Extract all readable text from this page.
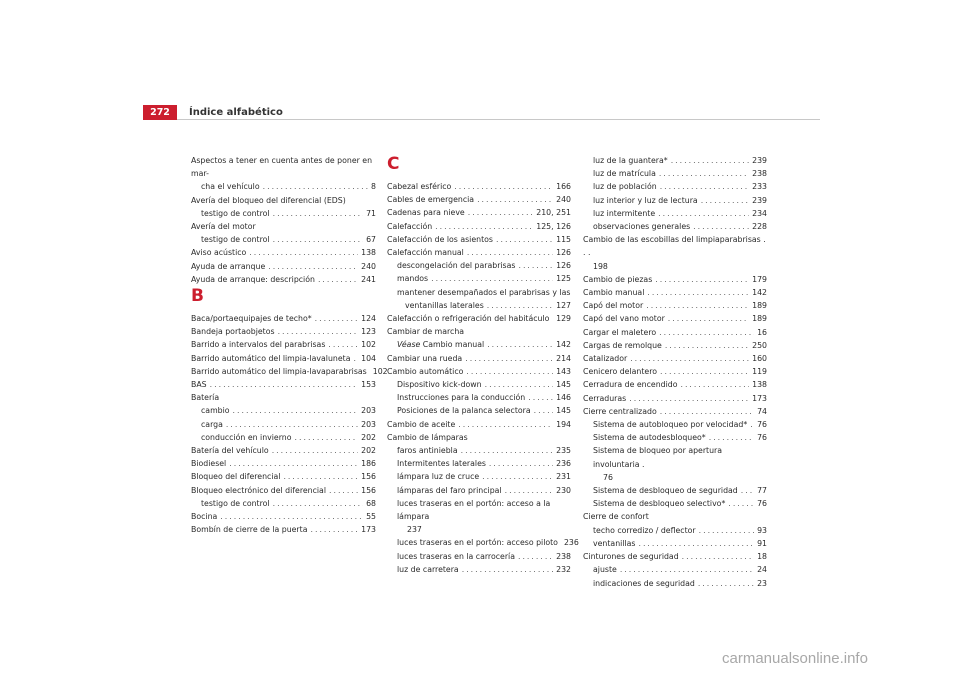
272	Índice alfabético
Aspectos a tener en cuenta antes de poner en mar-
cha el vehículo .....	8
Avería del bloqueo del diferencial (EDS)
testigo de control .....	71
Avería del motor
testigo de control .....	67
Aviso acústico .....	138
Ayuda de arranque .....	240
Ayuda de arranque: descripción .....	241
B
Baca/portaequipajes de techo* .....	124
Bandeja portaobjetos .....	123
Barrido a intervalos del parabrisas .....	102
Barrido automático del limpia-lavaluneta ..... 104
Barrido automático del limpia-lavaparabrisas 102
BAS .....	153
Batería
cambio .....	203
carga .....	203
conducción en invierno .....	202
Batería del vehículo .....	202
Biodiesel .....	186
Bloqueo del diferencial .....	156
Bloqueo electrónico del diferencial .....	156
testigo de control .....	68
Bocina .....	55
Bombín de cierre de la puerta .....	173
C
Cabezal esférico .....	166
Cables de emergencia .....	240
Cadenas para nieve .....	210, 251
Calefacción .....	125, 126
Calefacción de los asientos .....	115
Calefacción manual .....	126
descongelación del parabrisas .....	126
mandos .....	125
mantener desempañados el parabrisas y las
ventanillas laterales .....	127
Calefacción o refrigeración del habitáculo ..... 129
Cambiar de marcha
Véase Cambio manual .....	142
Cambiar una rueda .....	214
Cambio automático .....	143
Dispositivo kick-down .....	145
Instrucciones para la conducción .....	146
Posiciones de la palanca selectora .....	145
Cambio de aceite .....	194
Cambio de lámparas
faros antiniebla .....	235
Intermitentes laterales .....	236
lámpara luz de cruce .....	231
lámparas del faro principal .....	230
luces traseras en el portón: acceso a la lámpara
237
luces traseras en el portón: acceso piloto 236
luces traseras en la carrocería .....	238
luz de carretera .....	232
luz de la guantera* .....	239
luz de matrícula .....	238
luz de población .....	233
luz interior y luz de lectura .....	239
luz intermitente .....	234
observaciones generales .....	228
Cambio de las escobillas del limpiaparabrisas . . .
198
Cambio de piezas .....	179
Cambio manual .....	142
Capó del motor .....	189
Capó del vano motor .....	189
Cargar el maletero .....	16
Cargas de remolque .....	250
Catalizador .....	160
Cenicero delantero .....	119
Cerradura de encendido .....	138
Cerraduras .....	173
Cierre centralizado .....	74
Sistema de autobloqueo por velocidad* ..... 76
Sistema de autodesbloqueo* .....	76
Sistema de bloqueo por apertura involuntaria .
76
Sistema de desbloqueo de seguridad ..... 77
Sistema de desbloqueo selectivo* .....	76
Cierre de confort
techo corredizo / deflector .....	93
ventanillas .....	91
Cinturones de seguridad .....	18
ajuste .....	24
indicaciones de seguridad .....	23
carmanualsonline.info
